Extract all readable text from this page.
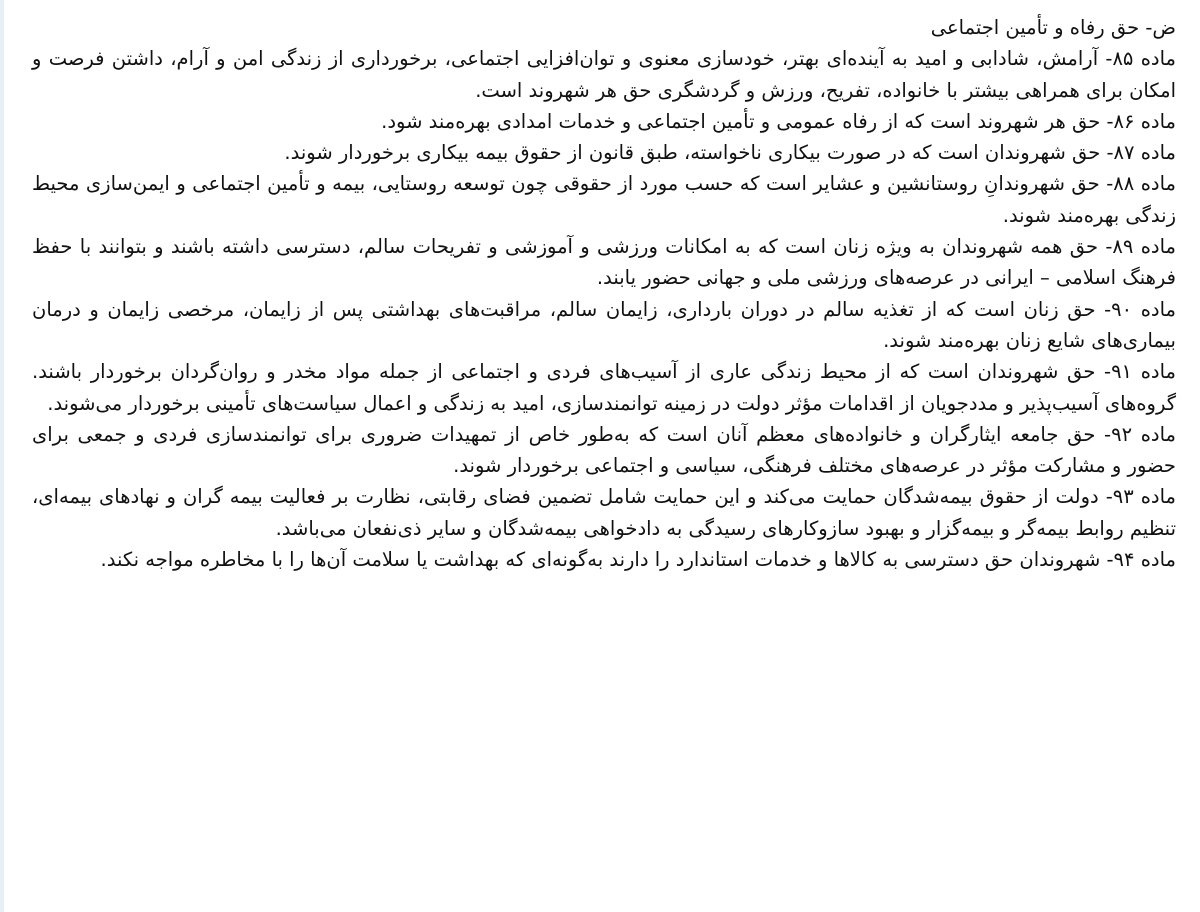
ض- حق رفاه و تأمین اجتماعی

ماده ۸۵- آرامش، شادابی و امید به آینده‌ای بهتر، خودسازی معنوی و توان‌افزایی اجتماعی، برخورداری از زندگی امن و آرام، داشتن فرصت و امکان برای همراهی بیشتر با خانواده، تفریح، ورزش و گردشگری حق هر شهروند است.

ماده ۸۶- حق هر شهروند است که از رفاه عمومی و تأمین اجتماعی و خدمات امدادی بهره‌مند شود.

ماده ۸۷- حق شهروندان است که در صورت بیکاری ناخواسته، طبق قانون از حقوق بیمه بیکاری برخوردار شوند.

ماده ۸۸- حق شهروندانِ روستانشین و عشایر است که حسب مورد از حقوقی چون توسعه روستایی، بیمه و تأمین اجتماعی و ایمن‌سازی محیط زندگی بهره‌مند شوند.

ماده ۸۹- حق همه شهروندان به ویژه زنان است که به امکانات ورزشی و آموزشی و تفریحات سالم، دسترسی داشته باشند و بتوانند با حفظ فرهنگ اسلامی – ایرانی در عرصه‌های ورزشی ملی و جهانی حضور یابند.

ماده ۹۰- حق زنان است که از تغذیه سالم در دوران بارداری، زایمان سالم، مراقبت‌های بهداشتی پس از زایمان، مرخصی زایمان و درمان بیماری‌های شایع زنان بهره‌مند شوند.

ماده ۹۱- حق شهروندان است که از محیط زندگی عاری از آسیب‌های فردی و اجتماعی از جمله مواد مخدر و روان‌گردان برخوردار باشند. گروه‌های آسیب‌پذیر و مددجویان از اقدامات مؤثر دولت در زمینه توانمندسازی، امید به زندگی و اعمال سیاست‌های تأمینی برخوردار می‌شوند.

ماده ۹۲- حق جامعه ایثارگران و خانواده‌های معظم آنان است که به‌طور خاص از تمهیدات ضروری برای توانمندسازی فردی و جمعی برای حضور و مشارکت مؤثر در عرصه‌های مختلف فرهنگی، سیاسی و اجتماعی برخوردار شوند.

ماده ۹۳- دولت از حقوق بیمه‌شدگان حمایت می‌کند و این حمایت شامل تضمین فضای رقابتی، نظارت بر فعالیت بیمه گران و نهادهای بیمه‌ای، تنظیم روابط بیمه‌گر و بیمه‌گزار و بهبود سازوکارهای رسیدگی به دادخواهی بیمه‌شدگان و سایر ذی‌نفعان می‌باشد.

ماده ۹۴- شهروندان حق دسترسی به کالاها و خدمات استاندارد را دارند به‌گونه‌ای که بهداشت یا سلامت آن‌ها را با مخاطره مواجه نکند.
